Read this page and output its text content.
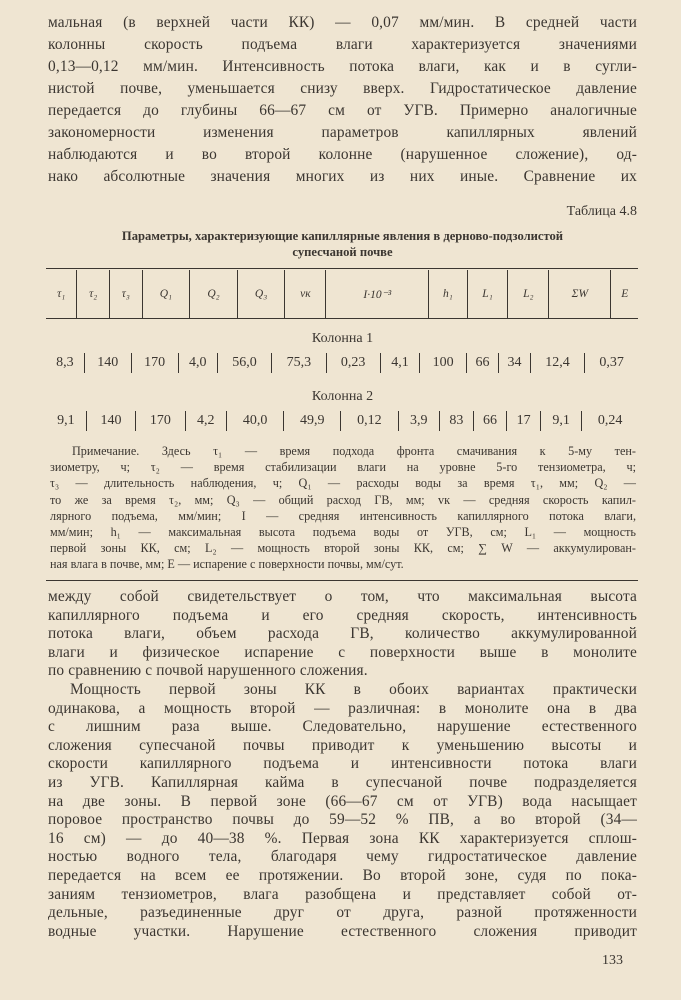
мальная (в верхней части КК) — 0,07 мм/мин. В средней части
колонны скорость подъема влаги характеризуется значениями
0,13—0,12 мм/мин. Интенсивность потока влаги, как и в сугли-
нистой почве, уменьшается снизу вверх. Гидростатическое давление
передается до глубины 66—67 см от УГВ. Примерно аналогичные
закономерности изменения параметров капиллярных явлений
наблюдаются и во второй колонне (нарушенное сложение), од-
нако абсолютные значения многих из них иные. Сравнение их
Таблица 4.8
Параметры, характеризующие капиллярные явления в дерново-подзолистой
супесчаной почве
τ₁	τ₂	τ₃	Q₁	Q₂	Q₃	vк	I·10⁻³	h₁	L₁	L₂	ΣW	E
Колонна 1
8,3	140	170	4,0	56,0	75,3	0,23	4,1	100	66	34	12,4	0,37
Колонна 2
9,1	140	170	4,2	40,0	49,9	0,12	3,9	83	66	17	9,1	0,24
Примечание. Здесь τ₁ — время подхода фронта смачивания к 5-му тен-
зиометру, ч; τ₂ — время стабилизации влаги на уровне 5-го тензиометра, ч;
τ₃ — длительность наблюдения, ч; Q₁ — расходы воды за время τ₁, мм; Q₂ —
то же за время τ₂, мм; Q₃ — общий расход ГВ, мм; vк — средняя скорость капил-
лярного подъема, мм/мин; I — средняя интенсивность капиллярного потока влаги,
мм/мин; h₁ — максимальная высота подъема воды от УГВ, см; L₁ — мощность
первой зоны КК, см; L₂ — мощность второй зоны КК, см; ∑ W — аккумулирован-
ная влага в почве, мм; E — испарение с поверхности почвы, мм/сут.
между собой свидетельствует о том, что максимальная высота
капиллярного подъема и его средняя скорость, интенсивность
потока влаги, объем расхода ГВ, количество аккумулированной
влаги и физическое испарение с поверхности выше в монолите
по сравнению с почвой нарушенного сложения.
Мощность первой зоны КК в обоих вариантах практически
одинакова, а мощность второй — различная: в монолите она в два
с лишним раза выше. Следовательно, нарушение естественного
сложения супесчаной почвы приводит к уменьшению высоты и
скорости капиллярного подъема и интенсивности потока влаги
из УГВ. Капиллярная кайма в супесчаной почве подразделяется
на две зоны. В первой зоне (66—67 см от УГВ) вода насыщает
поровое пространство почвы до 59—52 % ПВ, а во второй (34—
16 см) — до 40—38 %. Первая зона КК характеризуется сплош-
ностью водного тела, благодаря чему гидростатическое давление
передается на всем ее протяжении. Во второй зоне, судя по пока-
заниям тензиометров, влага разобщена и представляет собой от-
дельные, разъединенные друг от друга, разной протяженности
водные участки. Нарушение естественного сложения приводит
133
